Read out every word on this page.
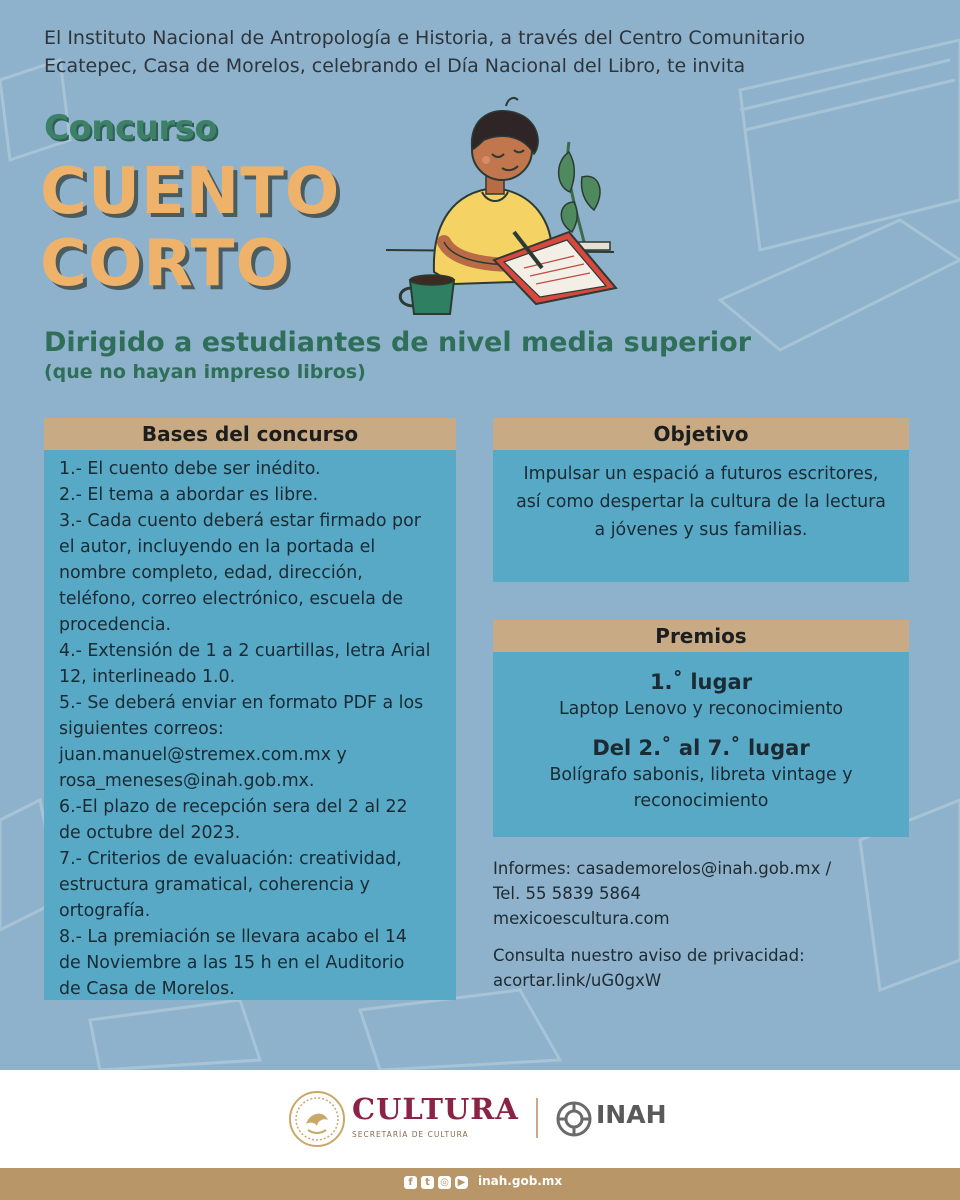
El Instituto Nacional de Antropología e Historia, a través del Centro Comunitario

Ecatepec, Casa de Morelos, celebrando el Día Nacional del Libro, te invita

Concurso
CUENTO
CORTO
Dirigido a estudiantes de nivel media superior
(que no hayan impreso libros)
Bases del concurso
1.- El cuento debe ser inédito.
2.- El tema a abordar es libre.
3.- Cada cuento deberá estar firmado por
el autor, incluyendo en la portada el
nombre completo, edad, dirección,
teléfono, correo electrónico, escuela de
procedencia.
4.- Extensión de 1 a 2 cuartillas, letra Arial
12, interlineado 1.0.
5.- Se deberá enviar en formato PDF a los
siguientes correos:
juan.manuel@stremex.com.mx y
rosa_meneses@inah.gob.mx.
6.-El plazo de recepción sera del 2 al 22
de octubre del 2023.
7.- Criterios de evaluación: creatividad,
estructura gramatical, coherencia y
ortografía.
8.- La premiación se llevara acabo el 14
de Noviembre a las 15 h en el Auditorio
de Casa de Morelos.
Objetivo
Impulsar un espació a futuros escritores,
así como despertar la cultura de la lectura
a jóvenes y sus familias.
Premios

1.˚ lugar

Laptop Lenovo y reconocimiento

Del 2.˚ al 7.˚ lugar

Bolígrafo sabonis, libreta vintage y

reconocimiento

Informes: casademorelos@inah.gob.mx /

Tel. 55 5839 5864

mexicoescultura.com

Consulta nuestro aviso de privacidad:

acortar.link/uG0gxW

CULTURA
SECRETARÍA DE CULTURA
INAH
f	t	◎ ▶ inah.gob.mx
